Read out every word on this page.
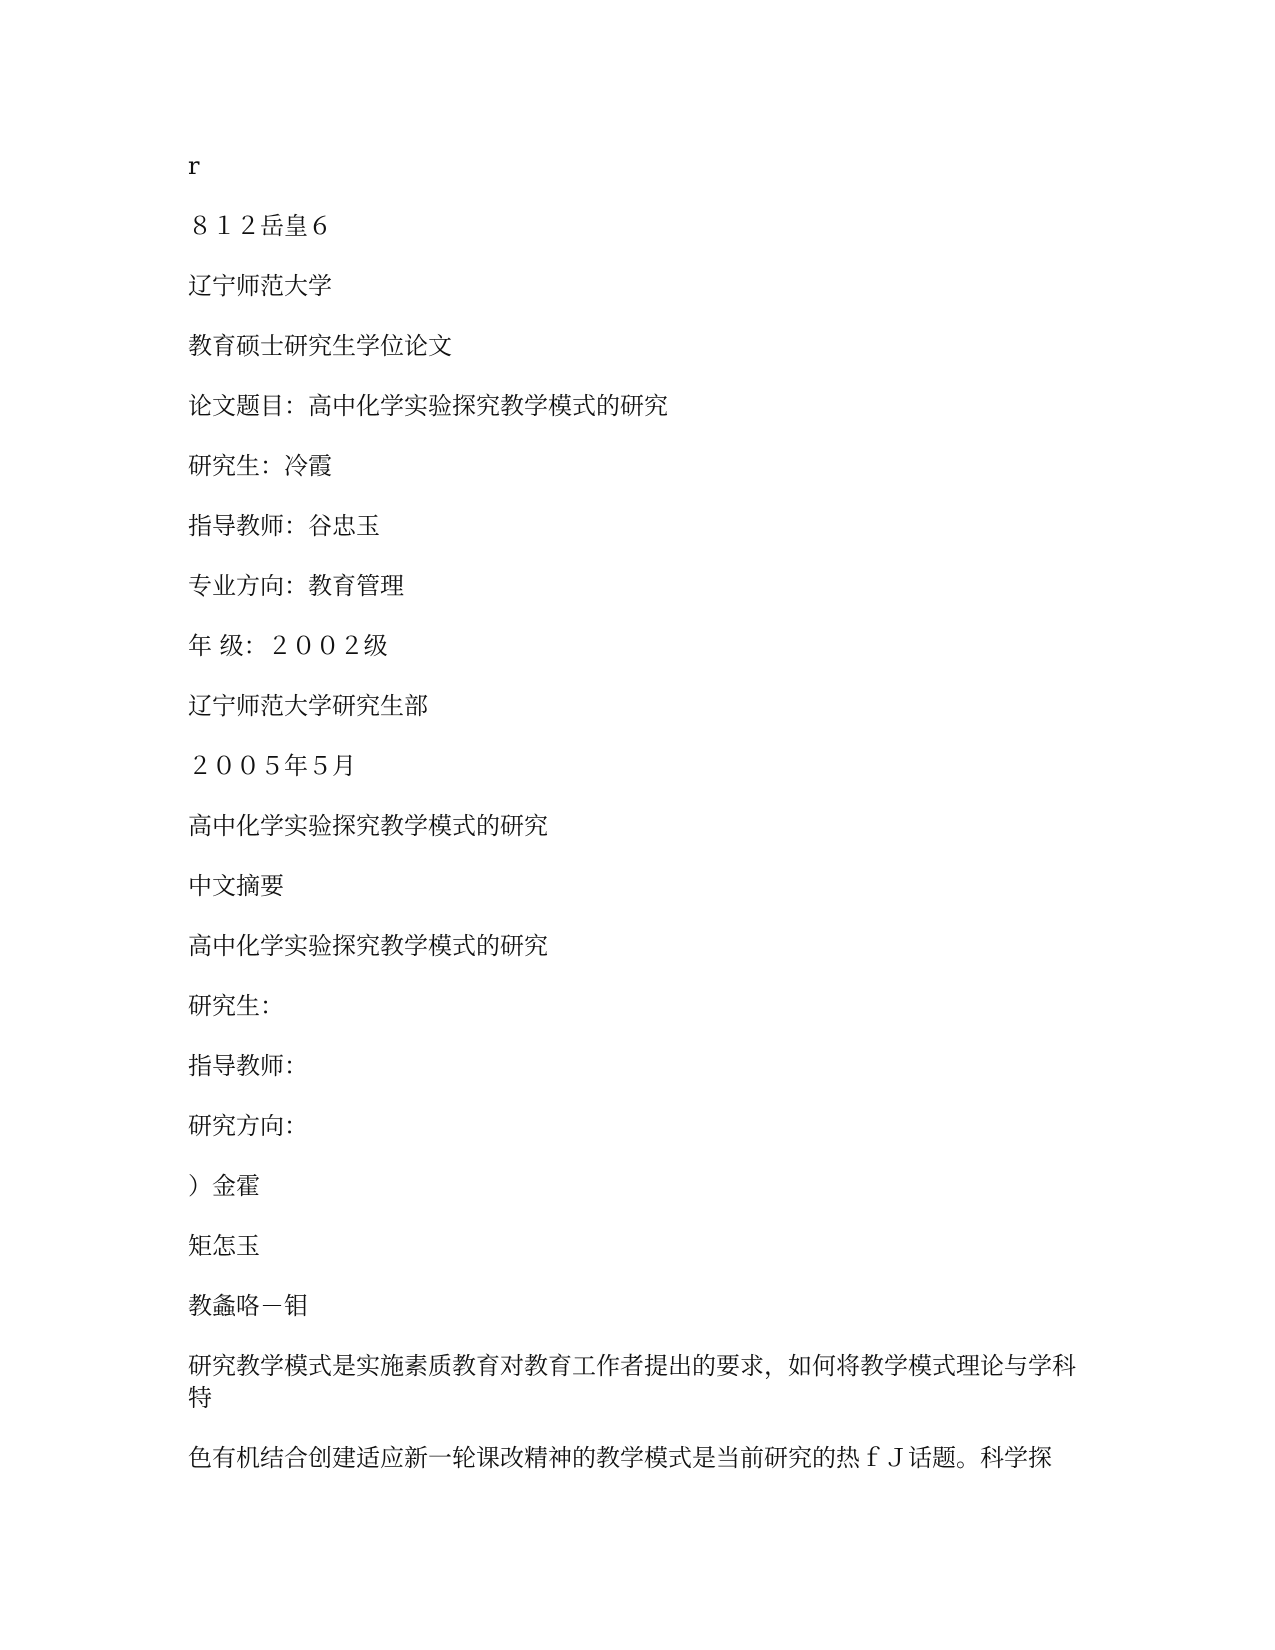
r
８１２岳皇６
辽宁师范大学
教育硕士研究生学位论文
论文题目：高中化学实验探究教学模式的研究
研究生：冷霞
指导教师：谷忠玉
专业方向：教育管理
年 级：２００２级
辽宁师范大学研究生部
２００５年５月
高中化学实验探究教学模式的研究
中文摘要
高中化学实验探究教学模式的研究
研究生：
指导教师：
研究方向：
）金霍
矩怎玉
教螽咯－钼
研究教学模式是实施素质教育对教育工作者提出的要求，如何将教学模式理论与学科特
色有机结合创建适应新一轮课改精神的教学模式是当前研究的热ｆＪ话题。科学探
